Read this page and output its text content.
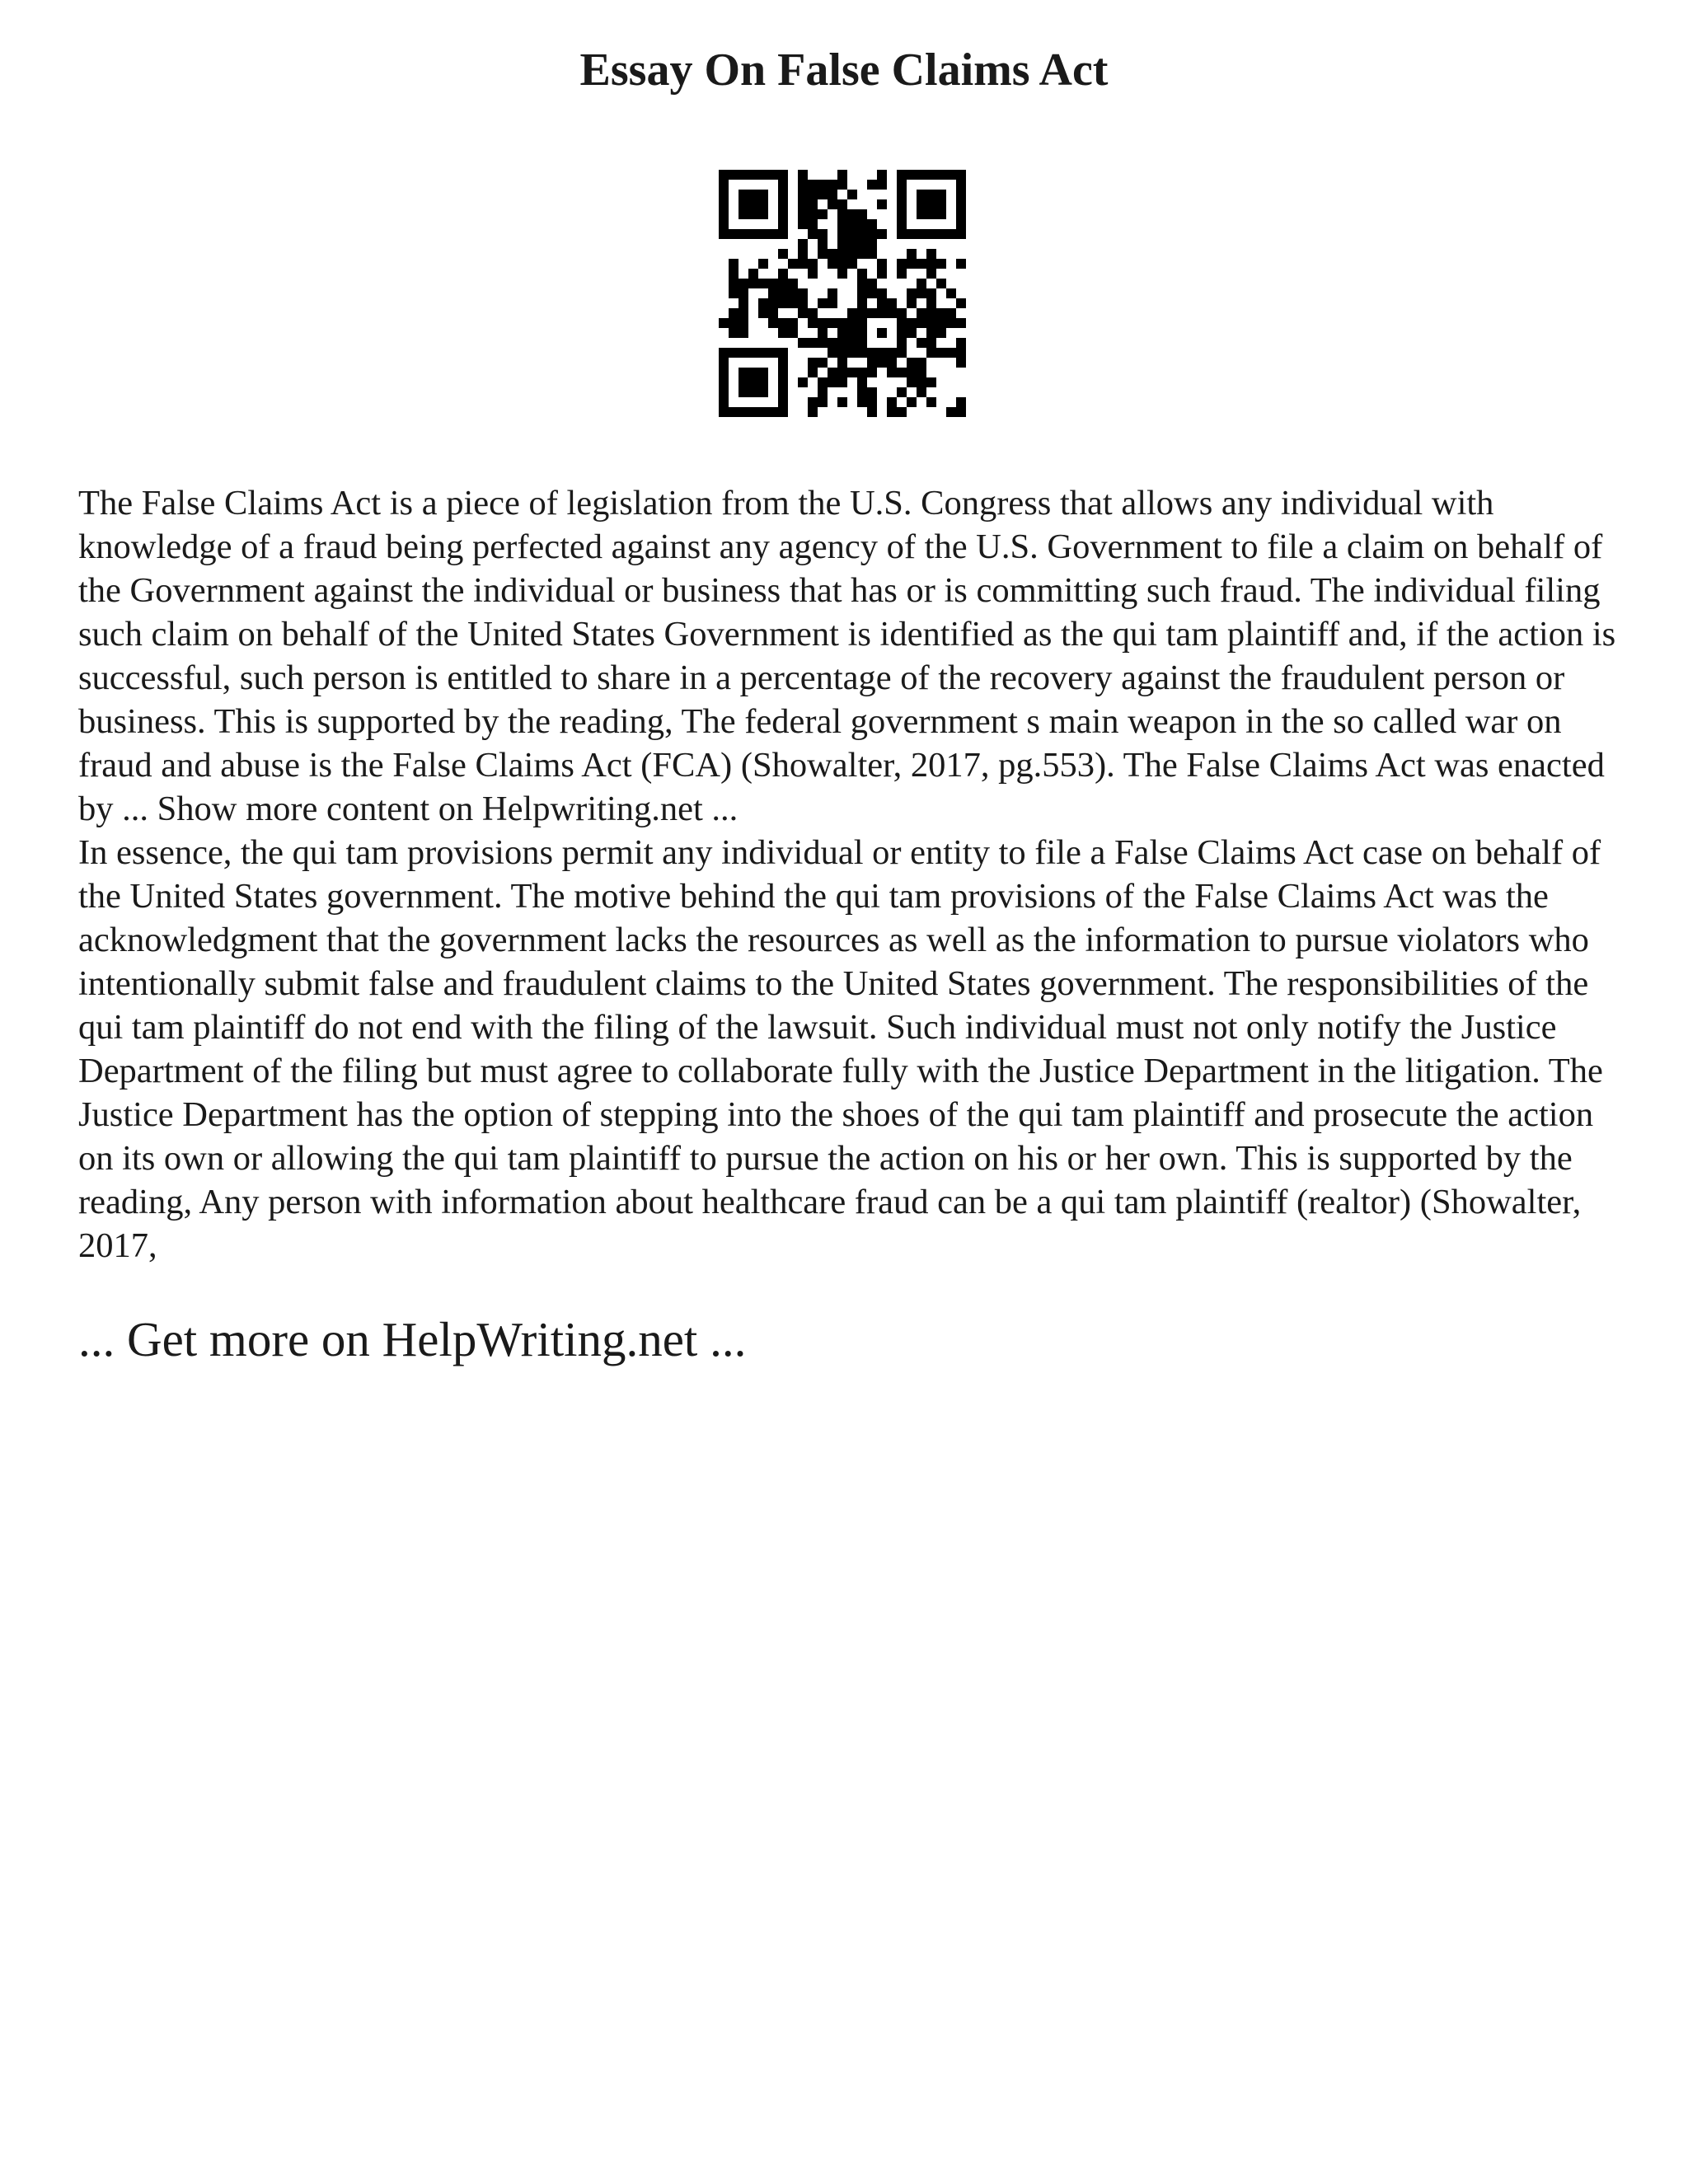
Essay On False Claims Act

The False Claims Act is a piece of legislation from the U.S. Congress that allows any individual with knowledge of a fraud being perfected against any agency of the U.S. Government to file a claim on behalf of the Government against the individual or business that has or is committing such fraud. The individual filing such claim on behalf of the United States Government is identified as the qui tam plaintiff and, if the action is successful, such person is entitled to share in a percentage of the recovery against the fraudulent person or business. This is supported by the reading, The federal government s main weapon in the so called war on fraud and abuse is the False Claims Act (FCA) (Showalter, 2017, pg.553). The False Claims Act was enacted by ... Show more content on Helpwriting.net ...

In essence, the qui tam provisions permit any individual or entity to file a False Claims Act case on behalf of the United States government. The motive behind the qui tam provisions of the False Claims Act was the acknowledgment that the government lacks the resources as well as the information to pursue violators who intentionally submit false and fraudulent claims to the United States government. The responsibilities of the qui tam plaintiff do not end with the filing of the lawsuit. Such individual must not only notify the Justice Department of the filing but must agree to collaborate fully with the Justice Department in the litigation. The Justice Department has the option of stepping into the shoes of the qui tam plaintiff and prosecute the action on its own or allowing the qui tam plaintiff to pursue the action on his or her own. This is supported by the reading, Any person with information about healthcare fraud can be a qui tam plaintiff (realtor) (Showalter, 2017,

... Get more on HelpWriting.net ...
